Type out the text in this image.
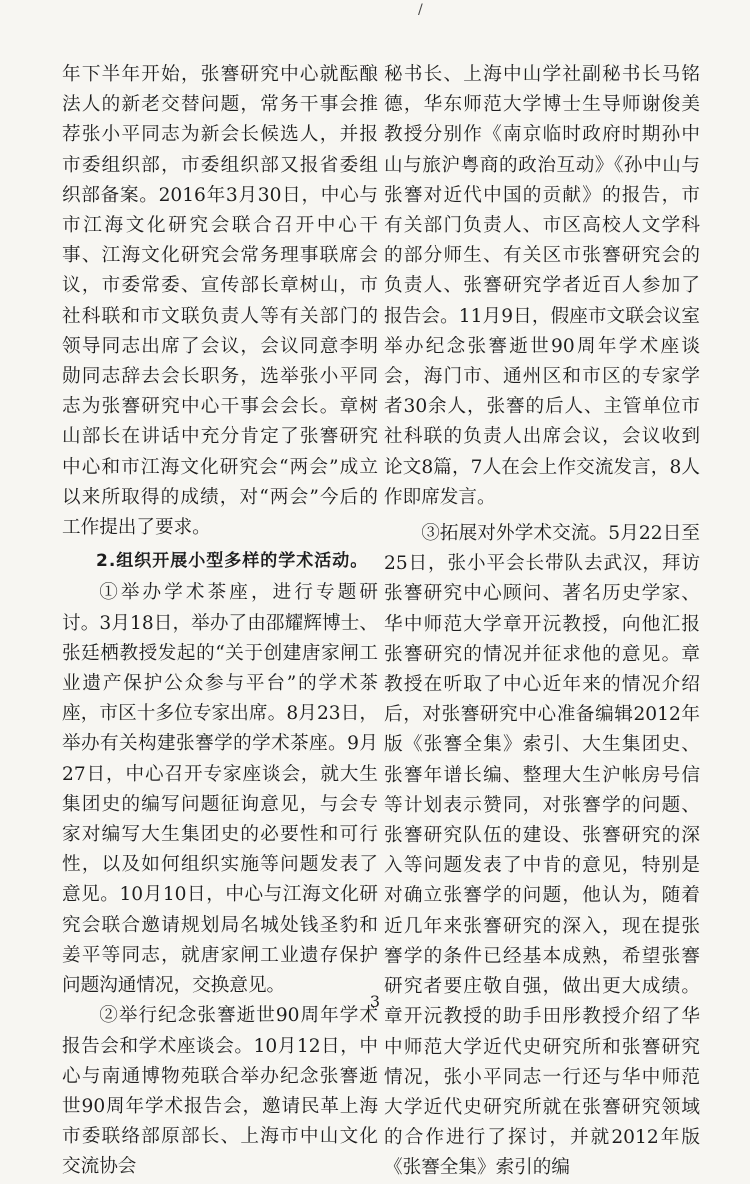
/

年下半年开始，张謇研究中心就酝酿法人的新老交替问题，常务干事会推荐张小平同志为新会长候选人，并报市委组织部，市委组织部又报省委组织部备案。2016年3月30日，中心与市江海文化研究会联合召开中心干事、江海文化研究会常务理事联席会议，市委常委、宣传部长章树山，市社科联和市文联负责人等有关部门的领导同志出席了会议，会议同意李明勋同志辞去会长职务，选举张小平同志为张謇研究中心干事会会长。章树山部长在讲话中充分肯定了张謇研究中心和市江海文化研究会“两会”成立以来所取得的成绩，对“两会”今后的工作提出了要求。

2.组织开展小型多样的学术活动。

①举办学术茶座，进行专题研讨。3月18日，举办了由邵耀辉博士、张廷栖教授发起的“关于创建唐家闸工业遗产保护公众参与平台”的学术茶座，市区十多位专家出席。8月23日，举办有关构建张謇学的学术茶座。9月27日，中心召开专家座谈会，就大生集团史的编写问题征询意见，与会专家对编写大生集团史的必要性和可行性，以及如何组织实施等问题发表了意见。10月10日，中心与江海文化研究会联合邀请规划局名城处钱圣豹和姜平等同志，就唐家闸工业遗存保护问题沟通情况，交换意见。

②举行纪念张謇逝世90周年学术报告会和学术座谈会。10月12日，中心与南通博物苑联合举办纪念张謇逝世90周年学术报告会，邀请民革上海市委联络部原部长、上海市中山文化交流协会

秘书长、上海中山学社副秘书长马铭德，华东师范大学博士生导师谢俊美教授分别作《南京临时政府时期孙中山与旅沪粤商的政治互动》《孙中山与张謇对近代中国的贡献》的报告，市有关部门负责人、市区高校人文学科的部分师生、有关区市张謇研究会的负责人、张謇研究学者近百人参加了报告会。11月9日，假座市文联会议室举办纪念张謇逝世90周年学术座谈会，海门市、通州区和市区的专家学者30余人，张謇的后人、主管单位市社科联的负责人出席会议，会议收到论文8篇，7人在会上作交流发言，8人作即席发言。

③拓展对外学术交流。5月22日至25日，张小平会长带队去武汉，拜访张謇研究中心顾问、著名历史学家、华中师范大学章开沅教授，向他汇报张謇研究的情况并征求他的意见。章教授在听取了中心近年来的情况介绍后，对张謇研究中心准备编辑2012年版《张謇全集》索引、大生集团史、张謇年谱长编、整理大生沪帐房号信等计划表示赞同，对张謇学的问题、张謇研究队伍的建设、张謇研究的深入等问题发表了中肯的意见，特别是对确立张謇学的问题，他认为，随着近几年来张謇研究的深入，现在提张謇学的条件已经基本成熟，希望张謇研究者要庄敬自强，做出更大成绩。章开沅教授的助手田彤教授介绍了华中师范大学近代史研究所和张謇研究情况，张小平同志一行还与华中师范大学近代史研究所就在张謇研究领域的合作进行了探讨，并就2012年版《张謇全集》索引的编

3
